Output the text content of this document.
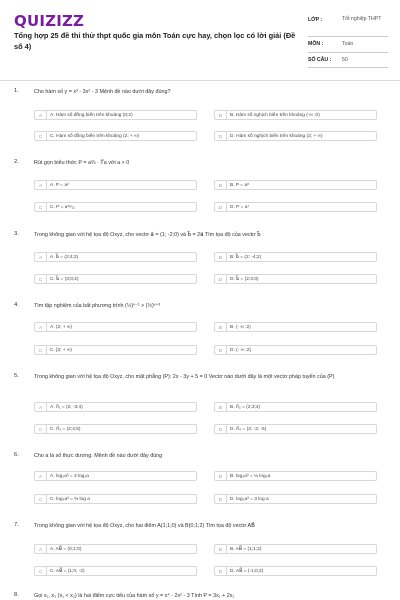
QUIZIZZ
Tổng hợp 25 đề thi thử thpt quốc gia môn Toán cực hay, chọn lọc có lời giải (Đề số 4)
LỚP :	Tốt nghiệp THPT
MÔN :	Toán
SỐ CÂU : 50
1.	Cho hàm số y = x³ - 3x² - 3 Mệnh đề nào dưới đây đúng?
A	A. Hàm số đồng biến trên khoảng (0;2)	B	B. Hàm số nghịch biến trên khoảng (-∞ ;0)
C	C. Hàm số đồng biến trên khoảng (2; + ∞)	D	D. Hàm số nghịch biến trên khoảng (2; + ∞)
2.	Rút gọn biểu thức P = a⅔ · ∜a với a > 0
A	A. P = a²	B	B. P = a⁸
C	C. P = a¹¹⁄₁₂	D	D. P = a⁷
3.	Trong không gian với hệ tọa độ Oxyz, cho vectơ a⃗ = (1; -2;0) và b⃗ = 2a⃗ Tìm tọa độ của vectơ b⃗
A	A. b⃗ = (2;4;2)	B	B. b⃗ = (2; -4;2)
C	C. b⃗ = (3;0;2)	D	D. b⃗ = (2;4;0)
4.	Tìm tập nghiệm của bất phương trình (½)ˣ⁻¹ > (½)ˣ⁺³
A	A. (2; + ∞)	B	B. (- ∞ ;2)
C	C. [2; + ∞)	D	D. (- ∞ ;2]
5.	Trong không gian với hệ tọa độ Oxyz, cho mặt phẳng (P): 2x - 3y + 5 = 0 Vectơ nào dưới đây là một vectơ pháp tuyến của (P)
A	A. n⃗₁ = (2; -3;4)	B	B. n⃗₂ = (2;3;4)
C	C. n⃗₃ = (2;4;5)	D	D. n⃗₄ = (2; -3; -5)
6.	Cho a là số thực dương. Mệnh đề nào dưới đây đúng
A	A. log₃a³ = 3 log₃a	B	B. log₃a³ = ⅓ log₃a
C	C. log₃a³ = ⅔ log a	D	D. log₃a³ = 3 log a
7.	Trong không gian với hệ tọa độ Oxyz, cho hai điểm A(1;1;0) và B(0;1;2) Tìm tọa độ vectơ AB⃗
A	A. AB⃗ = (0;1;0)	B	B. AB⃗ = (1;1;2)
C	C. AB⃗ = (1;0; -2)	D	D. AB⃗ = (-1;0;2)
8.	Gọi x₁, x₂ (x₁ < x₂) là hai điểm cực tiểu của hàm số y = x⁴ - 2x² - 3 Tính P = 3x₁ + 2x₂
